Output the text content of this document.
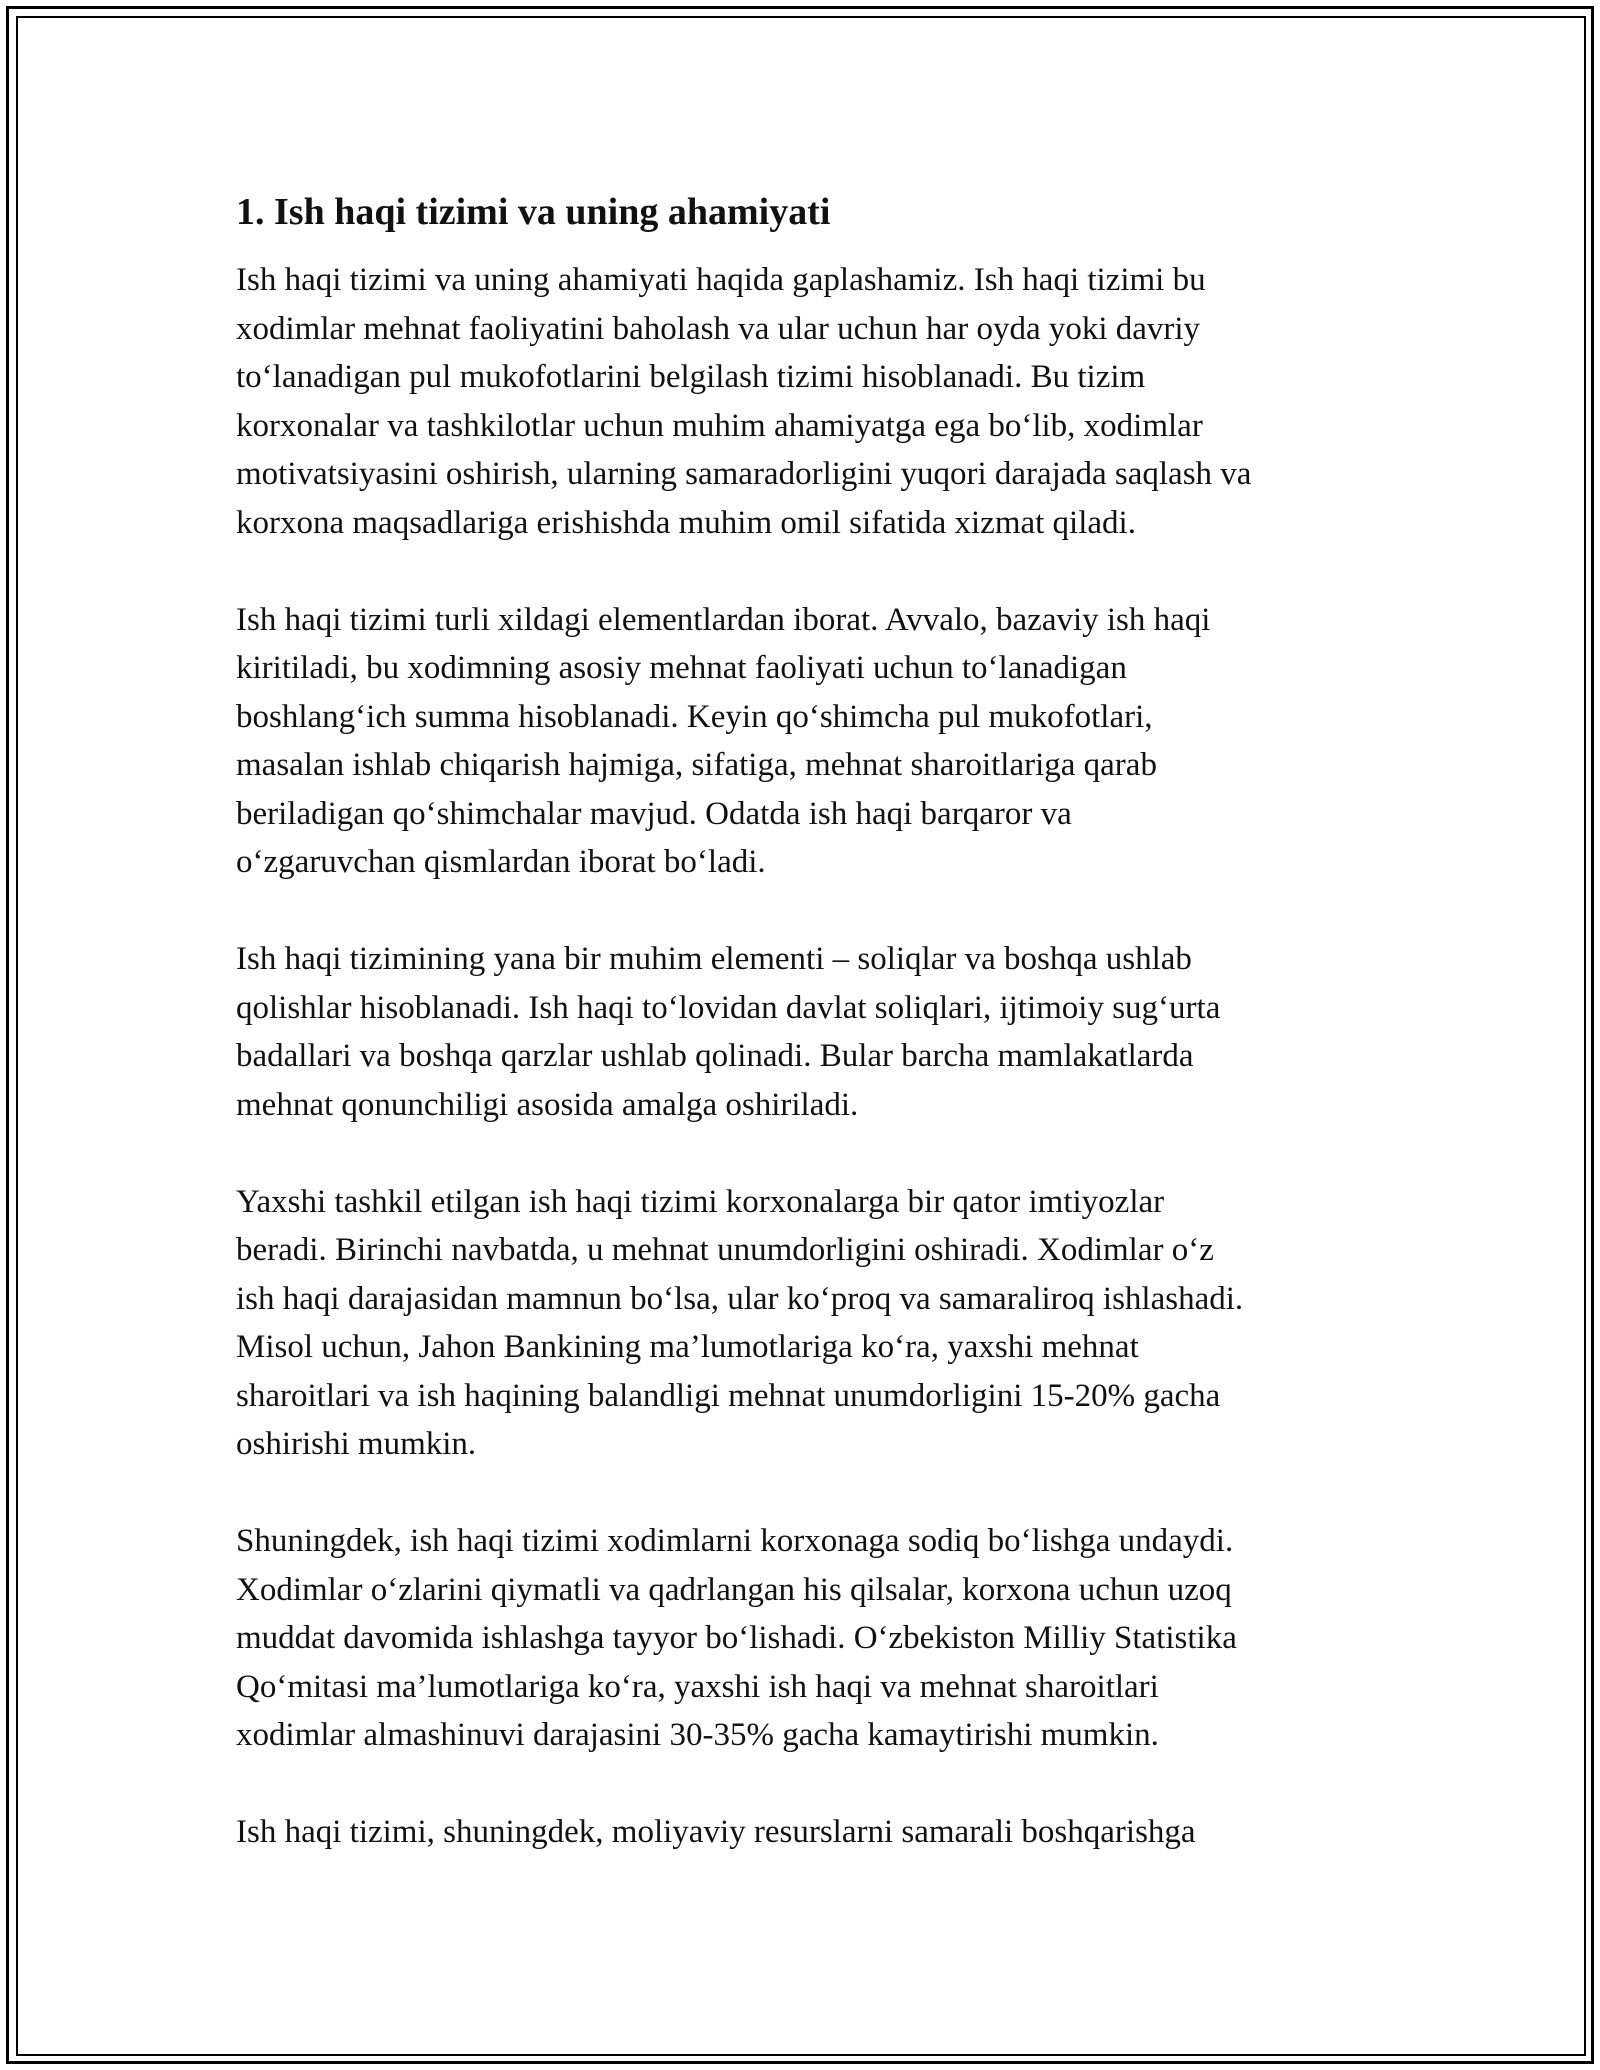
1. Ish haqi tizimi va uning ahamiyati

Ish haqi tizimi va uning ahamiyati haqida gaplashamiz. Ish haqi tizimi bu
xodimlar mehnat faoliyatini baholash va ular uchun har oyda yoki davriy
to‘lanadigan pul mukofotlarini belgilash tizimi hisoblanadi. Bu tizim
korxonalar va tashkilotlar uchun muhim ahamiyatga ega bo‘lib, xodimlar
motivatsiyasini oshirish, ularning samaradorligini yuqori darajada saqlash va
korxona maqsadlariga erishishda muhim omil sifatida xizmat qiladi.

Ish haqi tizimi turli xildagi elementlardan iborat. Avvalo, bazaviy ish haqi
kiritiladi, bu xodimning asosiy mehnat faoliyati uchun to‘lanadigan
boshlang‘ich summa hisoblanadi. Keyin qo‘shimcha pul mukofotlari,
masalan ishlab chiqarish hajmiga, sifatiga, mehnat sharoitlariga qarab
beriladigan qo‘shimchalar mavjud. Odatda ish haqi barqaror va
o‘zgaruvchan qismlardan iborat bo‘ladi.

Ish haqi tizimining yana bir muhim elementi – soliqlar va boshqa ushlab
qolishlar hisoblanadi. Ish haqi to‘lovidan davlat soliqlari, ijtimoiy sug‘urta
badallari va boshqa qarzlar ushlab qolinadi. Bular barcha mamlakatlarda
mehnat qonunchiligi asosida amalga oshiriladi.

Yaxshi tashkil etilgan ish haqi tizimi korxonalarga bir qator imtiyozlar
beradi. Birinchi navbatda, u mehnat unumdorligini oshiradi. Xodimlar o‘z
ish haqi darajasidan mamnun bo‘lsa, ular ko‘proq va samaraliroq ishlashadi.
Misol uchun, Jahon Bankining ma’lumotlariga ko‘ra, yaxshi mehnat
sharoitlari va ish haqining balandligi mehnat unumdorligini 15-20% gacha
oshirishi mumkin.

Shuningdek, ish haqi tizimi xodimlarni korxonaga sodiq bo‘lishga undaydi.
Xodimlar o‘zlarini qiymatli va qadrlangan his qilsalar, korxona uchun uzoq
muddat davomida ishlashga tayyor bo‘lishadi. O‘zbekiston Milliy Statistika
Qo‘mitasi ma’lumotlariga ko‘ra, yaxshi ish haqi va mehnat sharoitlari
xodimlar almashinuvi darajasini 30-35% gacha kamaytirishi mumkin.

Ish haqi tizimi, shuningdek, moliyaviy resurslarni samarali boshqarishga
